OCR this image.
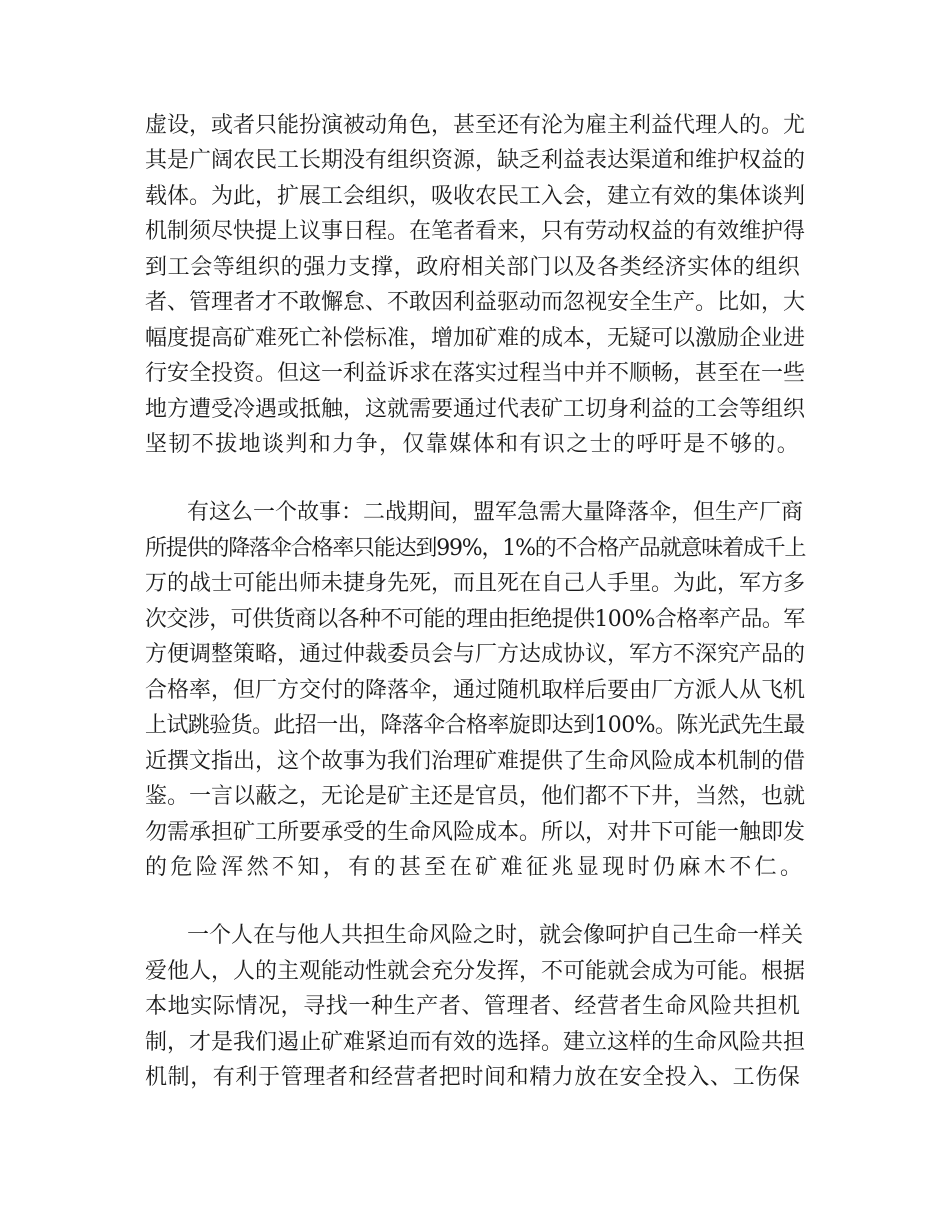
虚设，或者只能扮演被动角色，甚至还有沦为雇主利益代理人的。尤
其是广阔农民工长期没有组织资源，缺乏利益表达渠道和维护权益的
载体。为此，扩展工会组织，吸收农民工入会，建立有效的集体谈判
机制须尽快提上议事日程。在笔者看来，只有劳动权益的有效维护得
到工会等组织的强力支撑，政府相关部门以及各类经济实体的组织
者、管理者才不敢懈怠、不敢因利益驱动而忽视安全生产。比如，大
幅度提高矿难死亡补偿标准，增加矿难的成本，无疑可以激励企业进
行安全投资。但这一利益诉求在落实过程当中并不顺畅，甚至在一些
地方遭受冷遇或抵触，这就需要通过代表矿工切身利益的工会等组织
坚韧不拔地谈判和力争，仅靠媒体和有识之士的呼吁是不够的。
有这么一个故事：二战期间，盟军急需大量降落伞，但生产厂商
所提供的降落伞合格率只能达到99%，1%的不合格产品就意味着成千上
万的战士可能出师未捷身先死，而且死在自己人手里。为此，军方多
次交涉，可供货商以各种不可能的理由拒绝提供100%合格率产品。军
方便调整策略，通过仲裁委员会与厂方达成协议，军方不深究产品的
合格率，但厂方交付的降落伞，通过随机取样后要由厂方派人从飞机
上试跳验货。此招一出，降落伞合格率旋即达到100%。陈光武先生最
近撰文指出，这个故事为我们治理矿难提供了生命风险成本机制的借
鉴。一言以蔽之，无论是矿主还是官员，他们都不下井，当然，也就
勿需承担矿工所要承受的生命风险成本。所以，对井下可能一触即发
的危险浑然不知，有的甚至在矿难征兆显现时仍麻木不仁。
一个人在与他人共担生命风险之时，就会像呵护自己生命一样关
爱他人，人的主观能动性就会充分发挥，不可能就会成为可能。根据
本地实际情况，寻找一种生产者、管理者、经营者生命风险共担机
制，才是我们遏止矿难紧迫而有效的选择。建立这样的生命风险共担
机制，有利于管理者和经营者把时间和精力放在安全投入、工伤保
